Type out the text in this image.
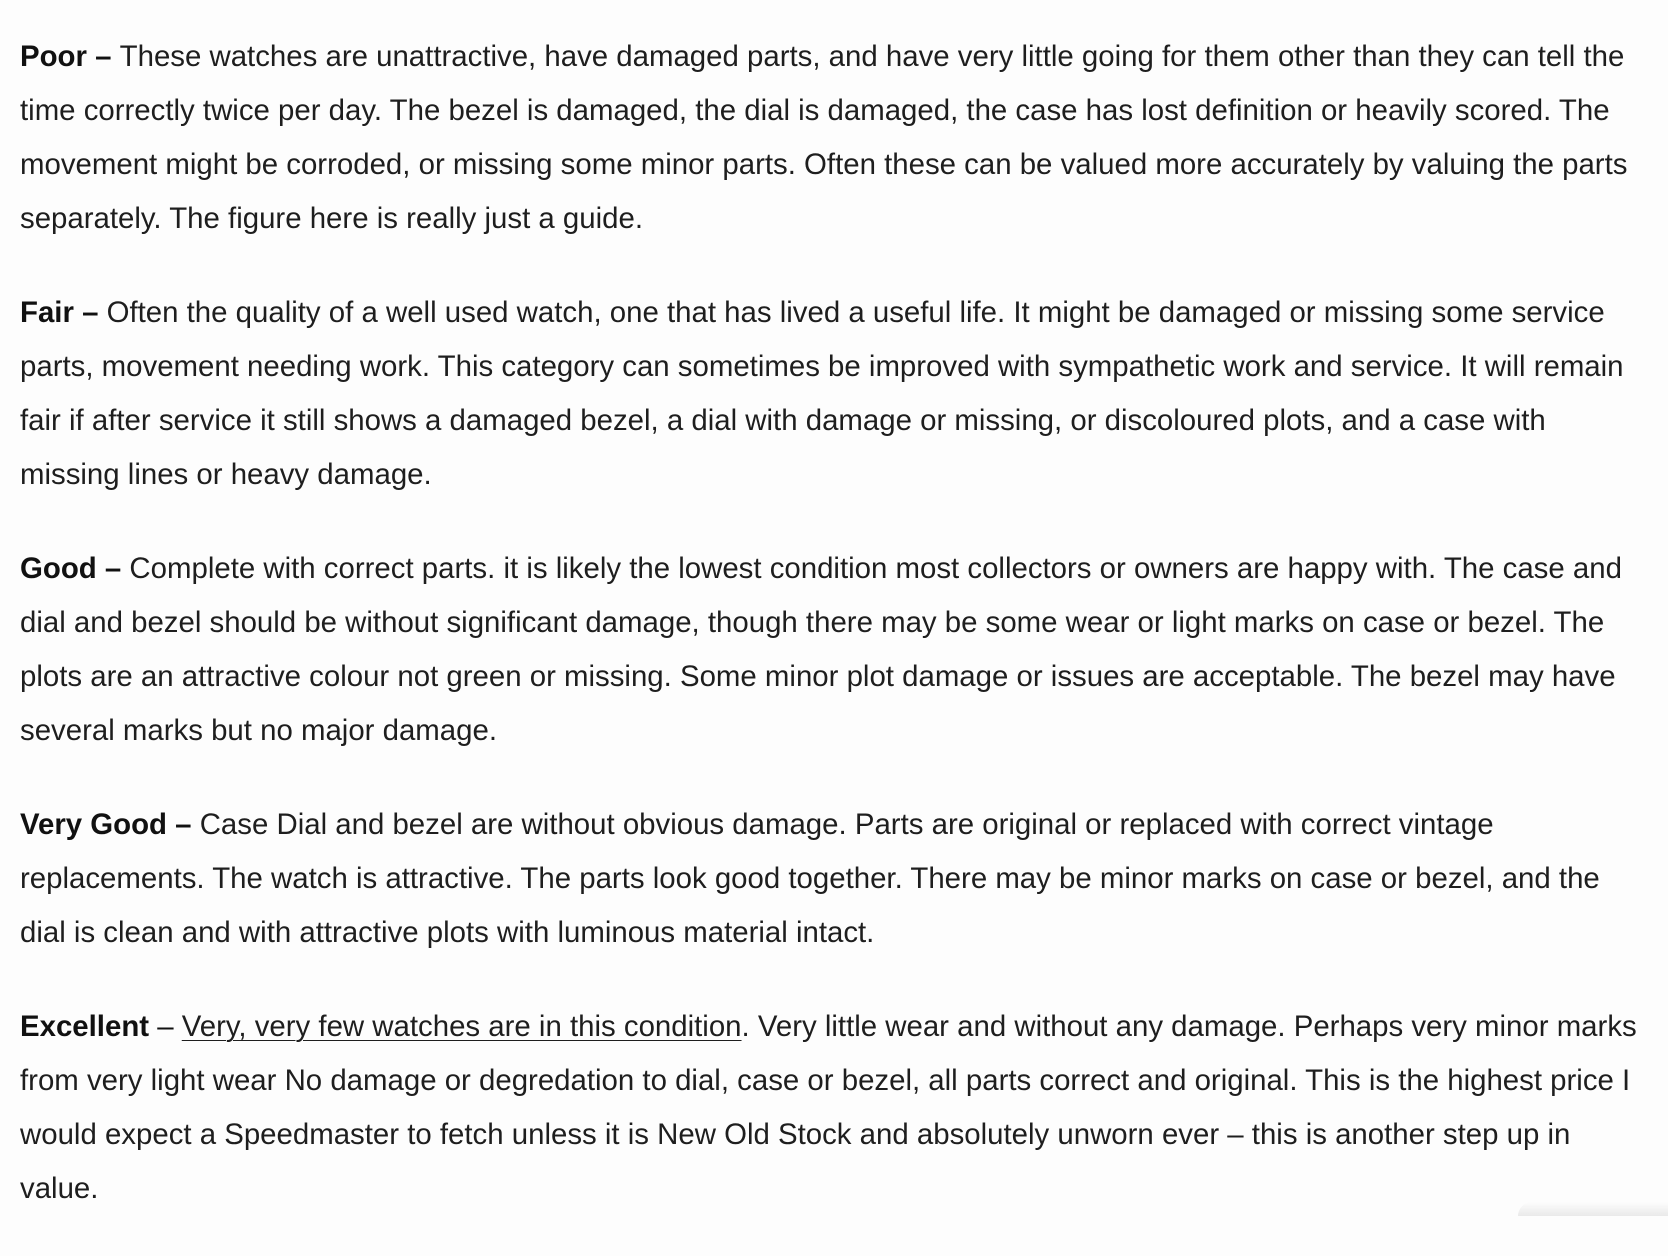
Poor – These watches are unattractive, have damaged parts, and have very little going for them other than they can tell the time correctly twice per day. The bezel is damaged, the dial is damaged, the case has lost definition or heavily scored. The movement might be corroded, or missing some minor parts. Often these can be valued more accurately by valuing the parts separately. The figure here is really just a guide.

Fair – Often the quality of a well used watch, one that has lived a useful life. It might be damaged or missing some service parts, movement needing work. This category can sometimes be improved with sympathetic work and service. It will remain fair if after service it still shows a damaged bezel, a dial with damage or missing, or discoloured plots, and a case with missing lines or heavy damage.

Good – Complete with correct parts. it is likely the lowest condition most collectors or owners are happy with. The case and dial and bezel should be without significant damage, though there may be some wear or light marks on case or bezel. The plots are an attractive colour not green or missing. Some minor plot damage or issues are acceptable. The bezel may have several marks but no major damage.

Very Good – Case Dial and bezel are without obvious damage. Parts are original or replaced with correct vintage replacements. The watch is attractive. The parts look good together. There may be minor marks on case or bezel, and the dial is clean and with attractive plots with luminous material intact.

Excellent – Very, very few watches are in this condition. Very little wear and without any damage. Perhaps very minor marks from very light wear No damage or degredation to dial, case or bezel, all parts correct and original. This is the highest price I would expect a Speedmaster to fetch unless it is New Old Stock and absolutely unworn ever – this is another step up in value.
